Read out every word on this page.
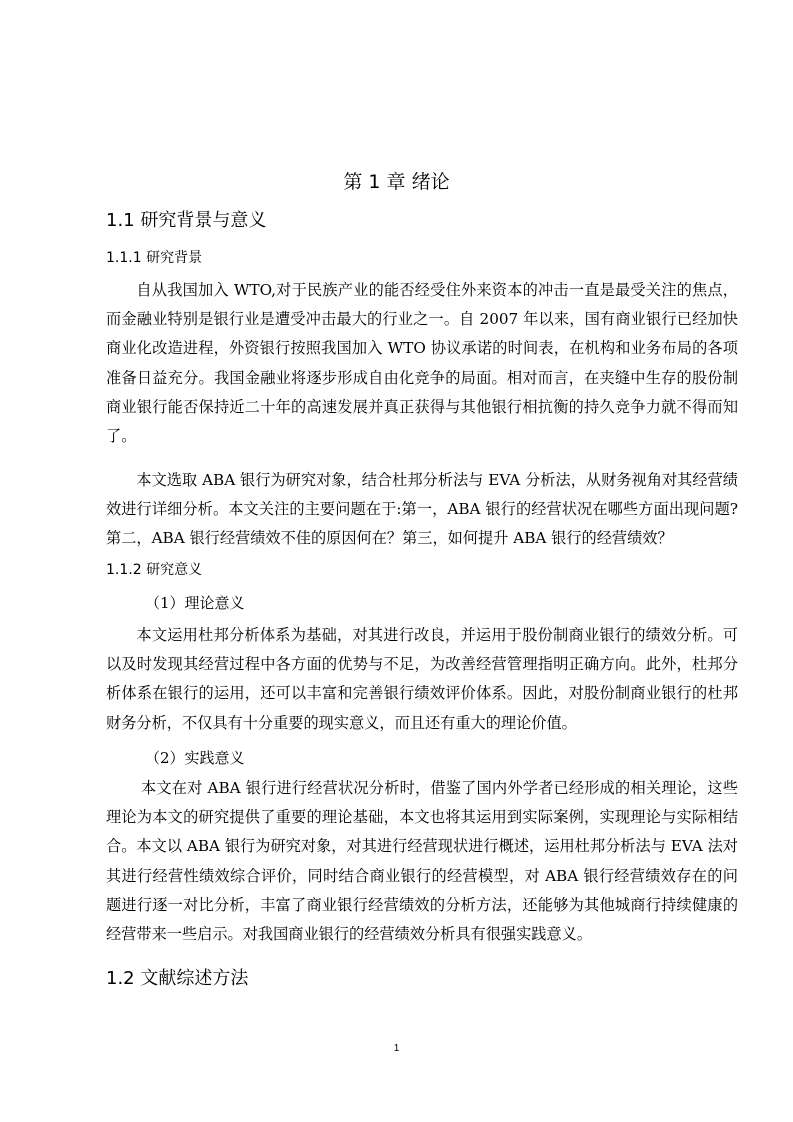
第 1 章 绪论
1.1 研究背景与意义
1.1.1 研究背景

自从我国加入 WTO,对于民族产业的能否经受住外来资本的冲击一直是最受关注的焦点，而金融业特别是银行业是遭受冲击最大的行业之一。自 2007 年以来，国有商业银行已经加快商业化改造进程，外资银行按照我国加入 WTO 协议承诺的时间表，在机构和业务布局的各项准备日益充分。我国金融业将逐步形成自由化竞争的局面。相对而言，在夹缝中生存的股份制商业银行能否保持近二十年的高速发展并真正获得与其他银行相抗衡的持久竞争力就不得而知了。

本文选取 ABA 银行为研究对象，结合杜邦分析法与 EVA 分析法，从财务视角对其经营绩效进行详细分析。本文关注的主要问题在于:第一，ABA 银行的经营状况在哪些方面出现问题?第二，ABA 银行经营绩效不佳的原因何在？第三，如何提升 ABA 银行的经营绩效？

1.1.2 研究意义
（1）理论意义

本文运用杜邦分析体系为基础，对其进行改良，并运用于股份制商业银行的绩效分析。可以及时发现其经营过程中各方面的优势与不足，为改善经营管理指明正确方向。此外，杜邦分析体系在银行的运用，还可以丰富和完善银行绩效评价体系。因此，对股份制商业银行的杜邦财务分析，不仅具有十分重要的现实意义，而且还有重大的理论价值。

（2）实践意义

本文在对 ABA 银行进行经营状况分析时，借鉴了国内外学者已经形成的相关理论，这些理论为本文的研究提供了重要的理论基础，本文也将其运用到实际案例，实现理论与实际相结合。本文以 ABA 银行为研究对象，对其进行经营现状进行概述，运用杜邦分析法与 EVA 法对其进行经营性绩效综合评价，同时结合商业银行的经营模型，对 ABA 银行经营绩效存在的问题进行逐一对比分析，丰富了商业银行经营绩效的分析方法，还能够为其他城商行持续健康的经营带来一些启示。对我国商业银行的经营绩效分析具有很强实践意义。

1.2 文献综述方法
1
